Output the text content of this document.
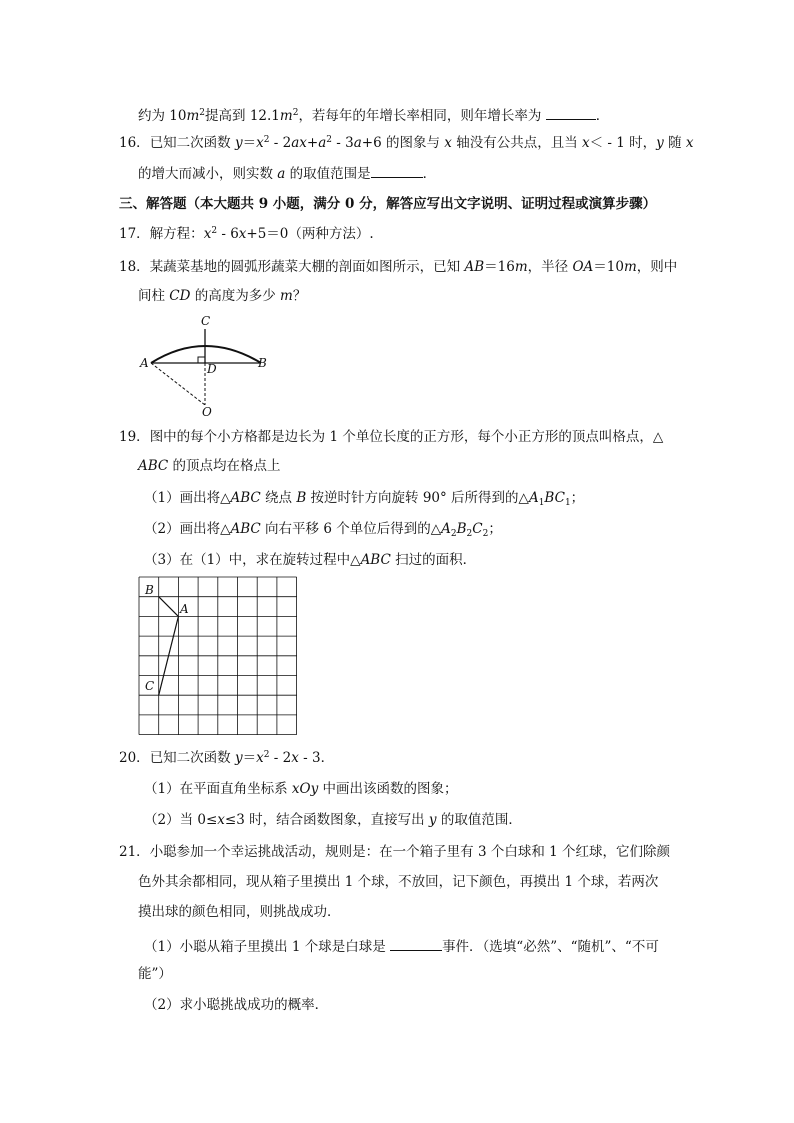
约为 $10m^2$提高到 $12.1m^2$，若每年的年增长率相同，则年增长率为	．
16．已知二次函数 $y=x^2 - 2ax+a^2 - 3a+6$ 的图象与 x 轴没有公共点，且当 x＜ - 1 时，y 随 x
的增大而减小，则实数 a 的取值范围是	．
三、解答题（本大题共 9 小题，满分 0 分，解答应写出文字说明、证明过程或演算步骤）
17．解方程：$x^2 - 6x+5=0$（两种方法）.
18．某蔬菜基地的圆弧形蔬菜大棚的剖面如图所示，已知 AB＝16m，半径 OA＝10m，则中
间柱 CD 的高度为多少 m？
C
A	B
D
O
19．图中的每个小方格都是边长为 1 个单位长度的正方形，每个小正方形的顶点叫格点，△
ABC 的顶点均在格点上
（1）画出将△ABC 绕点 B 按逆时针方向旋转 90° 后所得到的$\triangle A_1BC_1$；
（2）画出将△ABC 向右平移 6 个单位后得到的$\triangle A_2B_2C_2$；
（3）在（1）中，求在旋转过程中△ABC 扫过的面积．
B
A
C
20．已知二次函数 $y=x^2 - 2x - 3$．
（1）在平面直角坐标系 xOy 中画出该函数的图象；
（2）当 0≤x≤3 时，结合函数图象，直接写出 y 的取值范围．
21．小聪参加一个幸运挑战活动，规则是：在一个箱子里有 3 个白球和 1 个红球，它们除颜
色外其余都相同，现从箱子里摸出 1 个球，不放回，记下颜色，再摸出 1 个球，若两次
摸出球的颜色相同，则挑战成功．
（1）小聪从箱子里摸出 1 个球是白球是	事件．（选填“必然”、“随机”、“不可
能”）
（2）求小聪挑战成功的概率．
